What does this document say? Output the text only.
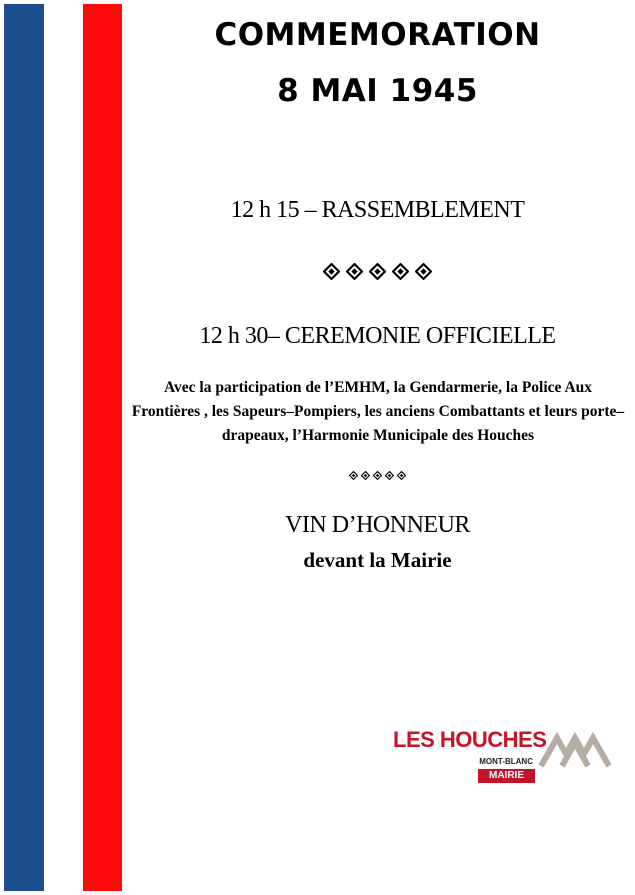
COMMEMORATION
8 MAI 1945
12 h 15 – RASSEMBLEMENT
12 h 30– CEREMONIE OFFICIELLE
Avec la participation de l’EMHM, la Gendarmerie, la Police Aux Frontières , les Sapeurs–Pompiers, les anciens Combattants et leurs porte–drapeaux, l’Harmonie Municipale des Houches
VIN D’HONNEUR
devant la Mairie
LES HOUCHES
MONT-BLANC
MAIRIE
